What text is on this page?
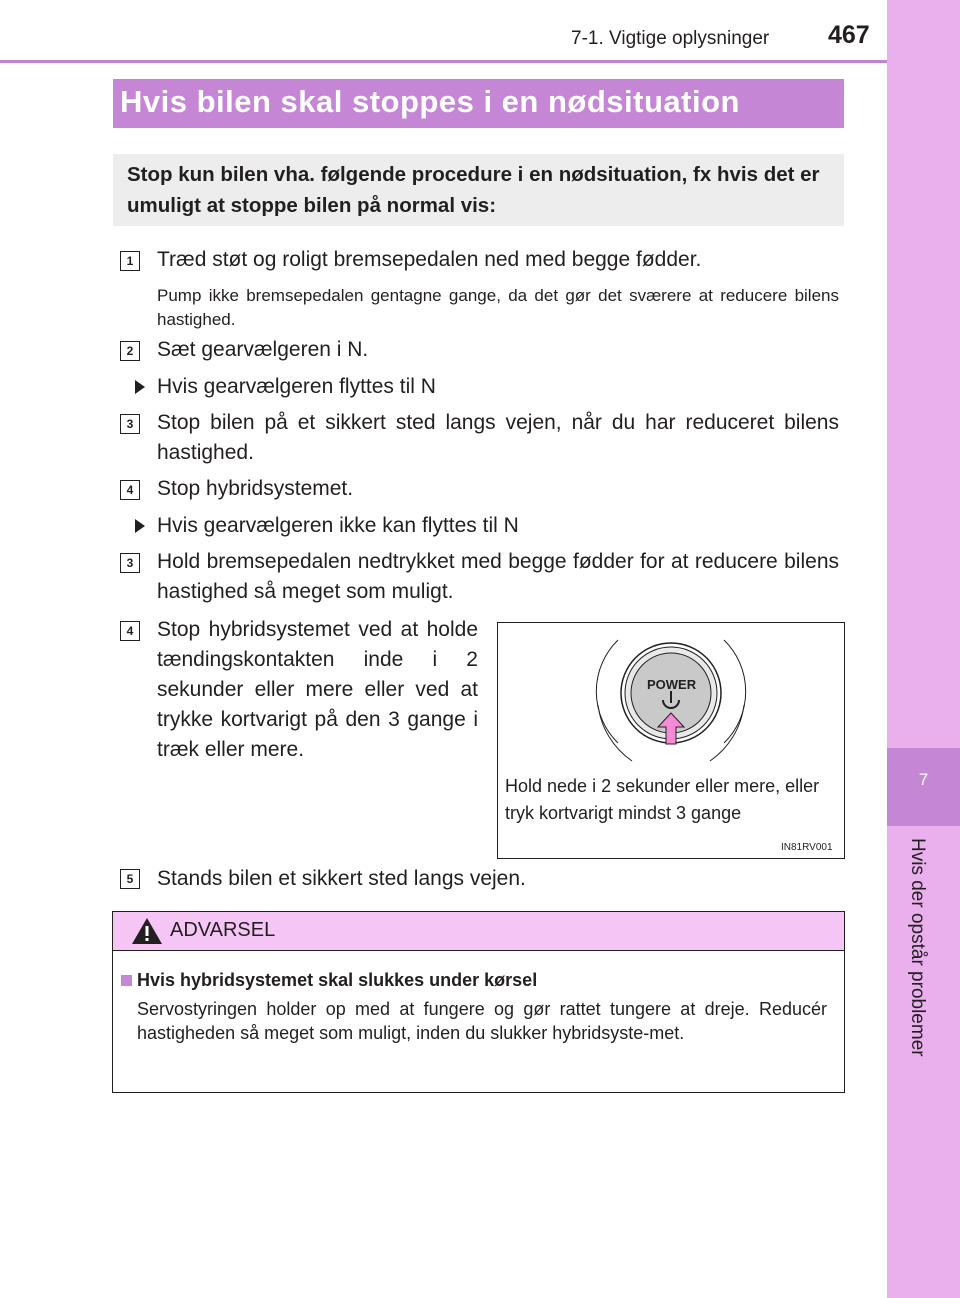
7-1. Vigtige oplysninger 467
7
Hvis der opstår problemer
Hvis bilen skal stoppes i en nødsituation

Stop kun bilen vha. følgende procedure i en nødsituation, fx hvis det er umuligt at stoppe bilen på normal vis:

1	Træd støt og roligt bremsepedalen ned med begge fødder.
Pump ikke bremsepedalen gentagne gange, da det gør det sværere at reducere bilens hastighed.
2	Sæt gearvælgeren i N.
Hvis gearvælgeren flyttes til N
3	Stop bilen på et sikkert sted langs vejen, når du har reduceret bilens hastighed.
4	Stop hybridsystemet.
Hvis gearvælgeren ikke kan flyttes til N
3	Hold bremsepedalen nedtrykket med begge fødder for at reducere bilens hastighed så meget som muligt.
4	Stop hybridsystemet ved at holde tændingskontakten inde i 2 sekunder eller mere eller ved at trykke kortvarigt på den 3 gange i træk eller mere.
POWER
Hold nede i 2 sekunder eller mere, eller tryk kortvarigt mindst 3 gange
IN81RV001
5	Stands bilen et sikkert sted langs vejen.
ADVARSEL
Hvis hybridsystemet skal slukkes under kørsel
Servostyringen holder op med at fungere og gør rattet tungere at dreje. Reducér hastigheden så meget som muligt, inden du slukker hybridsyste-met.
